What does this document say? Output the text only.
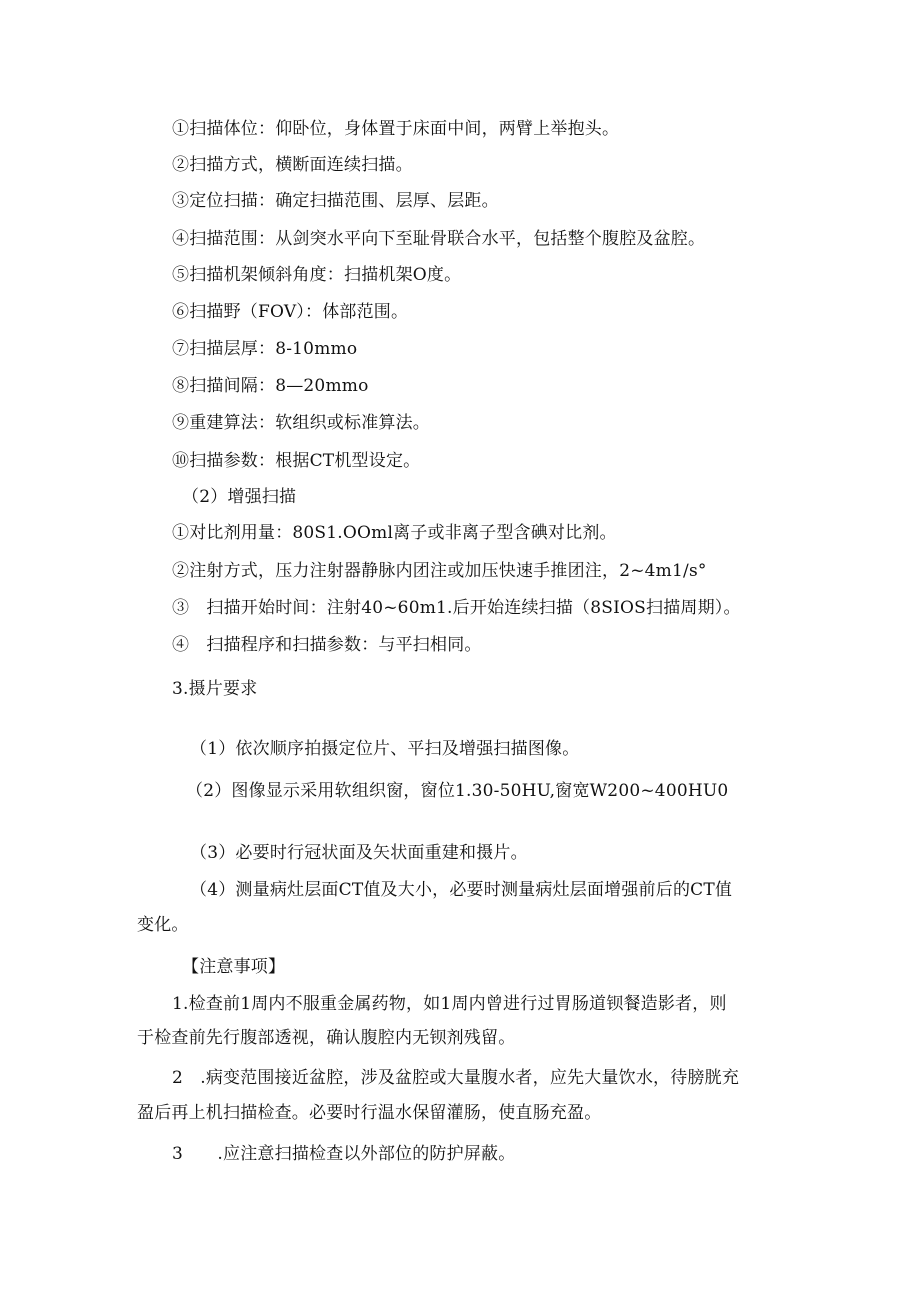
①扫描体位：仰卧位，身体置于床面中间，两臂上举抱头。
②扫描方式，横断面连续扫描。
③定位扫描：确定扫描范围、层厚、层距。
④扫描范围：从剑突水平向下至耻骨联合水平，包括整个腹腔及盆腔。
⑤扫描机架倾斜角度：扫描机架O度。
⑥扫描野（FOV）：体部范围。
⑦扫描层厚：8-10mmo
⑧扫描间隔：8—20mmo
⑨重建算法：软组织或标准算法。
⑩扫描参数：根据CT机型设定。
（2）增强扫描
①对比剂用量：80S1.OOml离子或非离子型含碘对比剂。
②注射方式，压力注射器静脉内团注或加压快速手推团注，2~4m1∕s°
③　扫描开始时间：注射40~60m1.后开始连续扫描（8SIOS扫描周期）。
④　扫描程序和扫描参数：与平扫相同。
3.摄片要求
（1）依次顺序拍摄定位片、平扫及增强扫描图像。
（2）图像显示采用软组织窗，窗位1.30-50HU,窗宽W200~400HU0
（3）必要时行冠状面及矢状面重建和摄片。
（4）测量病灶层面CT值及大小，必要时测量病灶层面增强前后的CT值
变化。
【注意事项】
1.检查前1周内不服重金属药物，如1周内曾进行过胃肠道钡餐造影者，则
于检查前先行腹部透视，确认腹腔内无钡剂残留。
2　.病变范围接近盆腔，涉及盆腔或大量腹水者，应先大量饮水，待膀胱充
盈后再上机扫描检查。必要时行温水保留灌肠，使直肠充盈。
3　　.应注意扫描检查以外部位的防护屏蔽。
